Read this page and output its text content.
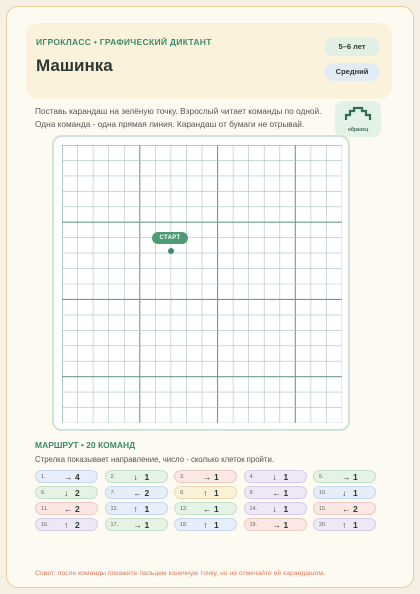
ИГРОКЛАСС • ГРАФИЧЕСКИЙ ДИКТАНТ
Машинка
5–6 лет
Средний
Поставь карандаш на зелёную точку. Взрослый читает команды по одной.
Одна команда - одна прямая линия. Карандаш от бумаги не отрывай.
образец
СТАРТ
МАРШРУТ • 20 КОМАНД
Стрелка показывает направление, число - сколько клеток пройти.
1. → 4	2. ↓ 1	3. → 1	4. ↓ 1	5. → 1
6. ↓ 2	7. ← 2	8. ↑ 1	9. ← 1	10. ↓ 1
11. ← 2	12. ↑ 1	13. ← 1	14. ↓ 1	15. ← 2
16. ↑ 2	17. → 1	18. ↑ 1	19. → 1	20. ↑ 1
Совет: после команды покажите пальцем конечную точку, но не отмечайте её карандашом.
